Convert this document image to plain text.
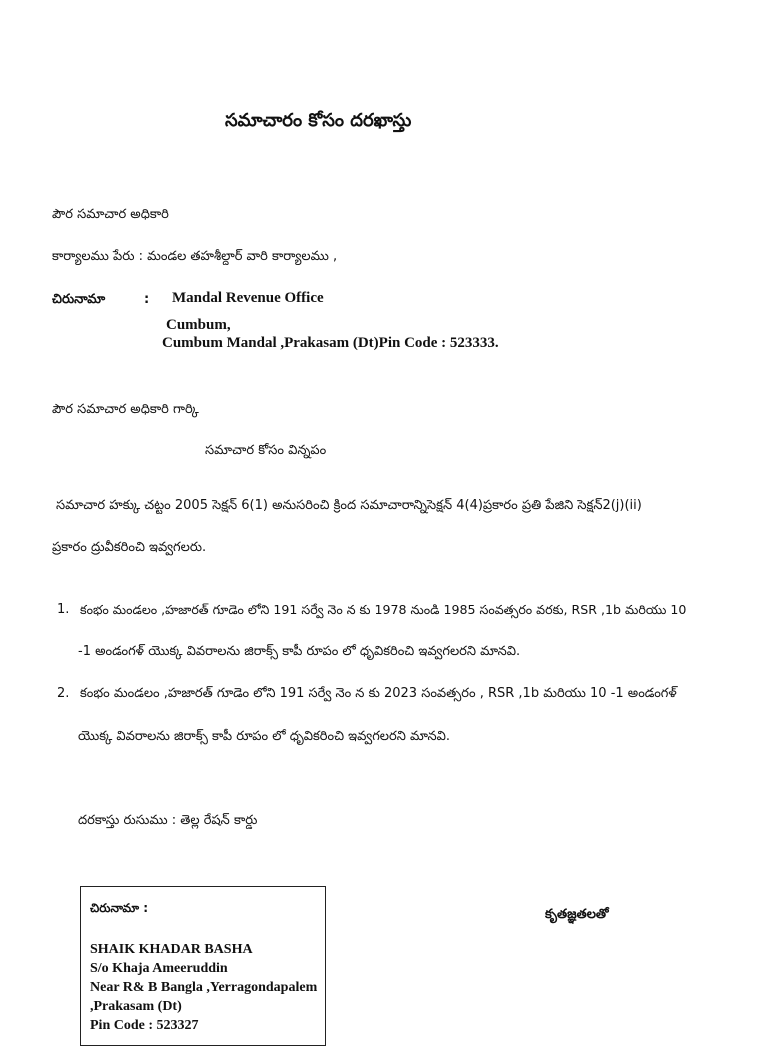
సమాచారం కోసం దరఖాస్తు
పౌర సమాచార అధికారి
కార్యాలము పేరు : మండల తహశీల్దార్ వారి కార్యాలము ,
చిరునామా	: Mandal Revenue Office
Cumbum,
Cumbum Mandal ,Prakasam (Dt)Pin Code : 523333.
పౌర సమాచార అధికారి గార్కి
సమాచార కోసం విన్నపం
సమాచార హక్కు చట్టం 2005 సెక్షన్ 6(1) అనుసరించి క్రింద సమాచారాన్నిసెక్షన్ 4(4)ప్రకారం ప్రతి పేజిని సెక్షన్2(j)(ii)
ప్రకారం ద్రువీకరించి ఇవ్వగలరు.
1. కంభం మండలం ,హజారత్ గూడెం లోని 191 సర్వే నెం న కు 1978 నుండి 1985 సంవత్సరం వరకు, RSR ,1b మరియు 10
-1 అండంగళ్ యొక్క వివరాలను జిరాక్స్ కాపీ రూపం లో ధృవికరించి ఇవ్వగలరని మానవి.
2. కంభం మండలం ,హజారత్ గూడెం లోని 191 సర్వే నెం న కు 2023 సంవత్సరం , RSR ,1b మరియు 10 -1 అండంగళ్
యొక్క వివరాలను జిరాక్స్ కాపీ రూపం లో ధృవికరించి ఇవ్వగలరని మానవి.
దరకాస్తు రుసుము : తెల్ల రేషన్ కార్డు
చిరునామా :
SHAIK KHADAR BASHA
S/o Khaja Ameeruddin
Near R& B Bangla ,Yerragondapalem
,Prakasam (Dt)
Pin Code : 523327
కృతజ్ఞతలతో
